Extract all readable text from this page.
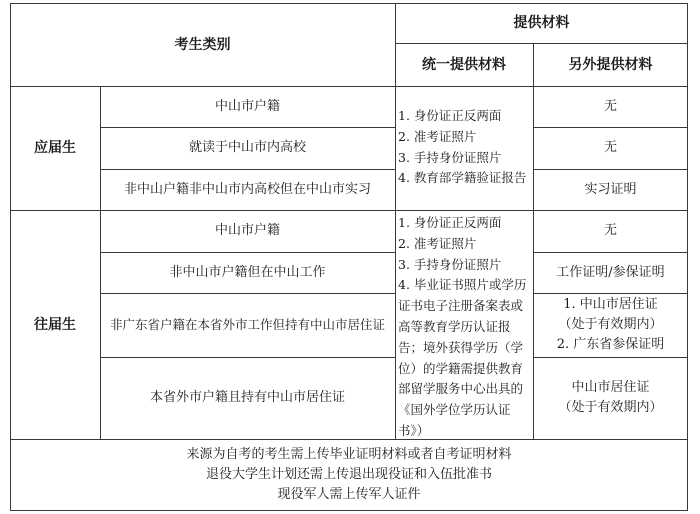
考生类别
提供材料
统一提供材料	另外提供材料
应届生
中山市户籍
就读于中山市内高校
非中山户籍非中山市内高校但在中山市实习
1. 身份证正反两面
2. 准考证照片
3. 手持身份证照片
4. 教育部学籍验证报告
无
无
实习证明
往届生
中山市户籍
非中山市户籍但在中山工作
非广东省户籍在本省外市工作但持有中山市居住证
本省外市户籍且持有中山市居住证
1. 身份证正反两面
2. 准考证照片
3. 手持身份证照片
4. 毕业证书照片或学历
证书电子注册备案表或
高等教育学历认证报
告；境外获得学历（学
位）的学籍需提供教育
部留学服务中心出具的
《国外学位学历认证
书》）
无
工作证明/参保证明
1. 中山市居住证
（处于有效期内）
2. 广东省参保证明
中山市居住证
（处于有效期内）
来源为自考的考生需上传毕业证明材料或者自考证明材料
退役大学生计划还需上传退出现役证和入伍批准书
现役军人需上传军人证件
